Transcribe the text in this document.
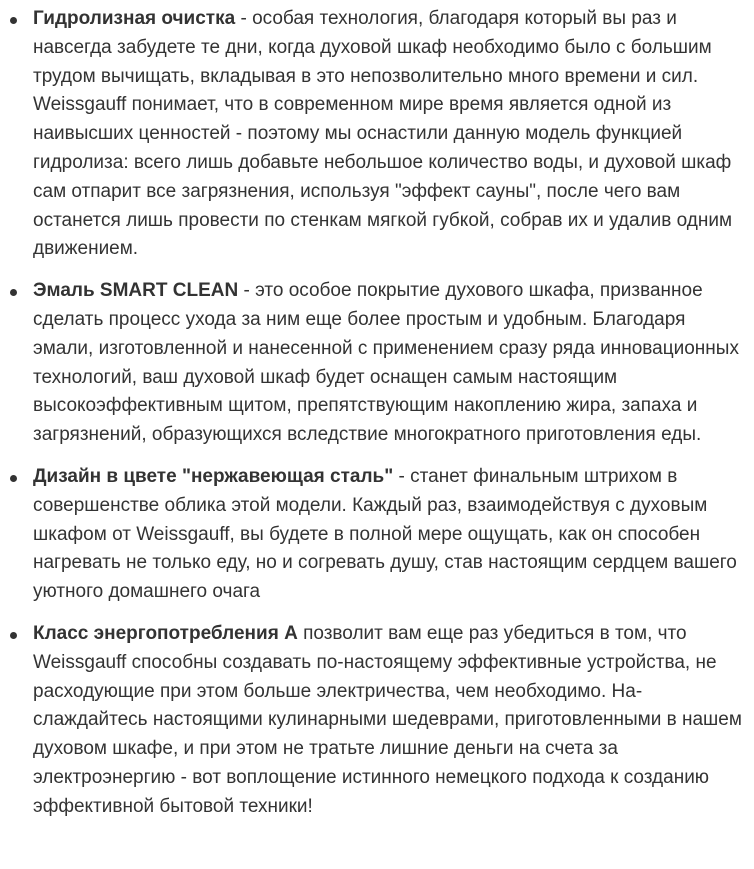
Гидролизная очистка - особая технология, благодаря который вы раз и навсегда забудете те дни, когда духовой шкаф необходимо было с большим трудом вычищать, вкладывая в это непозволительно много времени и сил. Weissgauff понимает, что в современном мире время является одной из наивысших ценностей - поэтому мы оснастили данную модель функцией гидролиза: всего лишь добавьте небольшое количество воды, и духовой шкаф сам отпарит все загрязнения, используя "эффект сауны", после чего вам останется лишь провести по стенкам мягкой губкой, собрав их и удалив одним движением.

Эмаль SMART CLEAN - это особое покрытие духового шкафа, призванное сделать процесс ухода за ним еще более простым и удобным. Благодаря эмали, изготовленной и нанесенной с применением сразу ряда инновационных технологий, ваш духовой шкаф будет оснащен самым настоящим высокоэффективным щитом, препятствующим накоплению жира, запаха и загрязнений, образующихся вследствие многократного приготовления еды.

Дизайн в цвете "нержавеющая сталь" - станет финальным штрихом в совершенстве облика этой модели. Каждый раз, взаимодействуя с духовым шкафом от Weissgauff, вы будете в полной мере ощущать, как он способен нагревать не только еду, но и согревать душу, став настоящим сердцем вашего уютного домашнего очага

Класс энергопотребления А позволит вам еще раз убедиться в том, что Weissgauff способны создавать по-настоящему эффективные устройства, не расходующие при этом больше электричества, чем необходимо. Наслаждайтесь настоящими кулинарными шедеврами, приготовленными в нашем духовом шкафе, и при этом не тратьте лишние деньги на счета за электроэнергию - вот воплощение истинного немецкого подхода к созданию эффективной бытовой техники!
